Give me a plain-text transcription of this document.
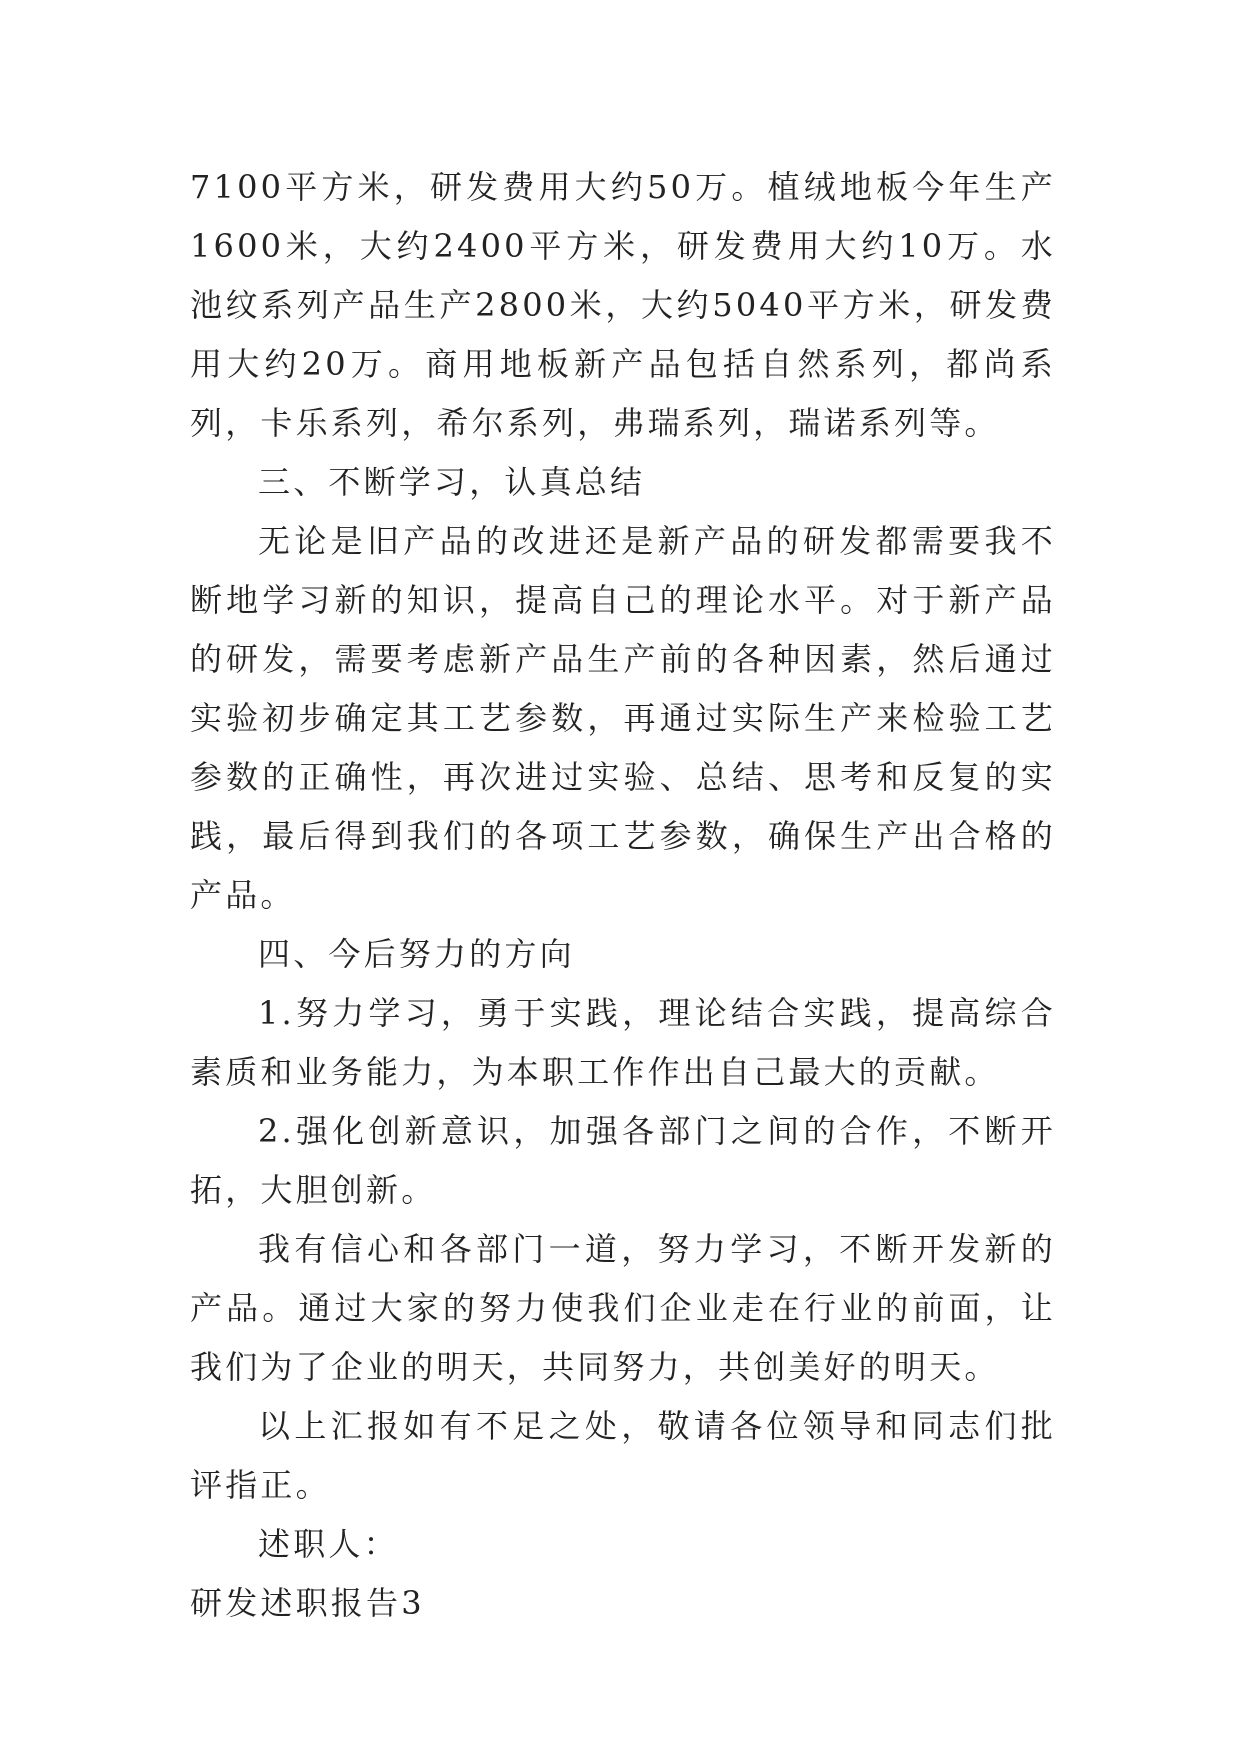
7100平方米，研发费用大约50万。植绒地板今年生产1600米，大约2400平方米，研发费用大约10万。水池纹系列产品生产2800米，大约5040平方米，研发费用大约20万。商用地板新产品包括自然系列，都尚系列，卡乐系列，希尔系列，弗瑞系列，瑞诺系列等。

三、不断学习，认真总结

无论是旧产品的改进还是新产品的研发都需要我不断地学习新的知识，提高自己的理论水平。对于新产品的研发，需要考虑新产品生产前的各种因素，然后通过实验初步确定其工艺参数，再通过实际生产来检验工艺参数的正确性，再次进过实验、总结、思考和反复的实践，最后得到我们的各项工艺参数，确保生产出合格的产品。

四、今后努力的方向

1.努力学习，勇于实践，理论结合实践，提高综合素质和业务能力，为本职工作作出自己最大的贡献。

2.强化创新意识，加强各部门之间的合作，不断开拓，大胆创新。

我有信心和各部门一道，努力学习，不断开发新的产品。通过大家的努力使我们企业走在行业的前面，让我们为了企业的明天，共同努力，共创美好的明天。

以上汇报如有不足之处，敬请各位领导和同志们批评指正。

述职人：

研发述职报告3
